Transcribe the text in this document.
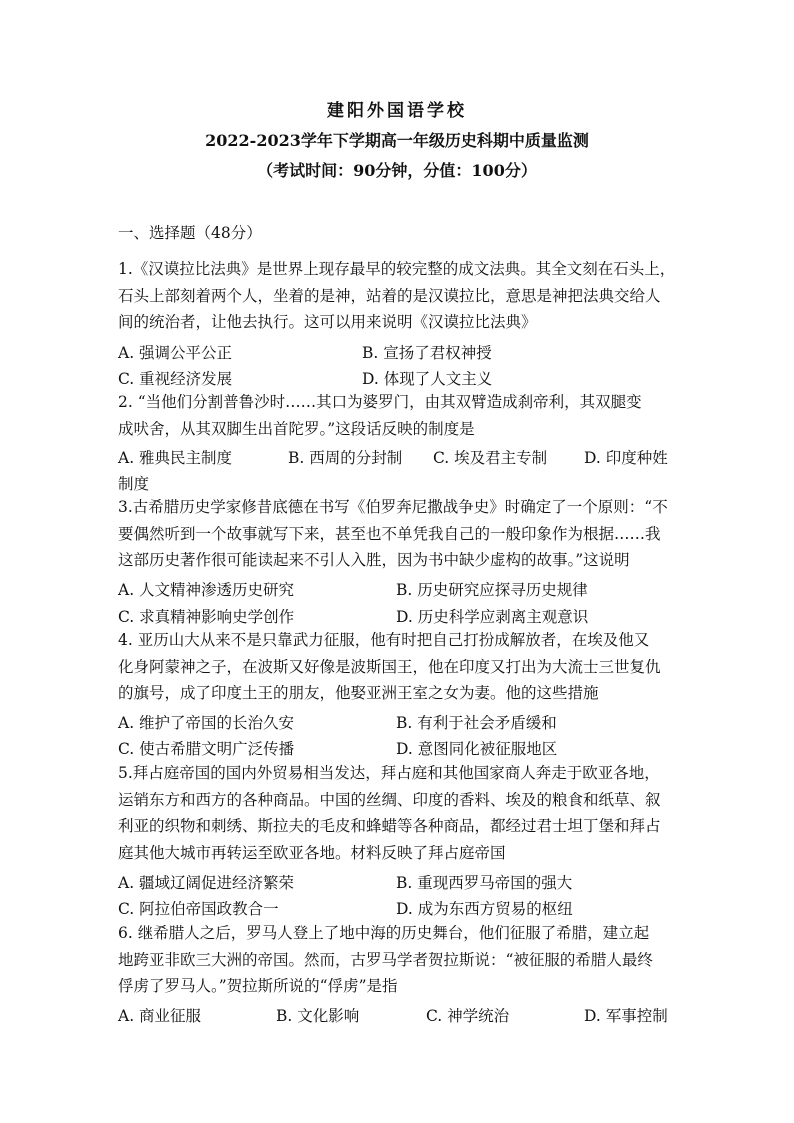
建阳外国语学校
2022-2023学年下学期高一年级历史科期中质量监测
（考试时间：90分钟，分值：100分）
一、选择题（48分）
1.《汉谟拉比法典》是世界上现存最早的较完整的成文法典。其全文刻在石头上，
石头上部刻着两个人，坐着的是神，站着的是汉谟拉比，意思是神把法典交给人
间的统治者，让他去执行。这可以用来说明《汉谟拉比法典》
A. 强调公平公正	B. 宣扬了君权神授
C. 重视经济发展	D. 体现了人文主义
2. “当他们分割普鲁沙时……其口为婆罗门，由其双臂造成刹帝利，其双腿变
成吠舍，从其双脚生出首陀罗。”这段话反映的制度是
A. 雅典民主制度	B. 西周的分封制 C. 埃及君主专制 D. 印度种姓
制度
3.古希腊历史学家修昔底德在书写《伯罗奔尼撒战争史》时确定了一个原则：“不
要偶然听到一个故事就写下来，甚至也不单凭我自己的一般印象作为根据……我
这部历史著作很可能读起来不引人入胜，因为书中缺少虚构的故事。”这说明
A. 人文精神渗透历史研究	B. 历史研究应探寻历史规律
C. 求真精神影响史学创作	D. 历史科学应剥离主观意识
4. 亚历山大从来不是只靠武力征服，他有时把自己打扮成解放者，在埃及他又
化身阿蒙神之子，在波斯又好像是波斯国王，他在印度又打出为大流士三世复仇
的旗号，成了印度土王的朋友，他娶亚洲王室之女为妻。他的这些措施
A. 维护了帝国的长治久安	B. 有利于社会矛盾缓和
C. 使古希腊文明广泛传播	D. 意图同化被征服地区
5.拜占庭帝国的国内外贸易相当发达，拜占庭和其他国家商人奔走于欧亚各地，
运销东方和西方的各种商品。中国的丝绸、印度的香料、埃及的粮食和纸草、叙
利亚的织物和刺绣、斯拉夫的毛皮和蜂蜡等各种商品，都经过君士坦丁堡和拜占
庭其他大城市再转运至欧亚各地。材料反映了拜占庭帝国
A. 疆域辽阔促进经济繁荣	B. 重现西罗马帝国的强大
C. 阿拉伯帝国政教合一	D. 成为东西方贸易的枢纽
6. 继希腊人之后，罗马人登上了地中海的历史舞台，他们征服了希腊，建立起
地跨亚非欧三大洲的帝国。然而，古罗马学者贺拉斯说：“被征服的希腊人最终
俘虏了罗马人。”贺拉斯所说的“俘虏”是指
A. 商业征服	B. 文化影响	C. 神学统治	D. 军事控制
